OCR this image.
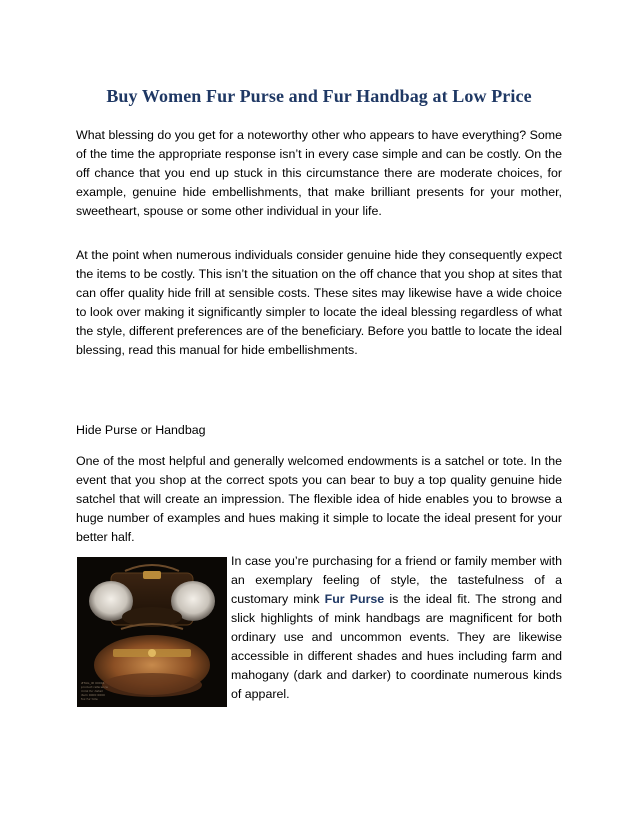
Buy Women Fur Purse and Fur Handbag at Low Price

What blessing do you get for a noteworthy other who appears to have everything? Some of the time the appropriate response isn’t in every case simple and can be costly. On the off chance that you end up stuck in this circumstance there are moderate choices, for example, genuine hide embellishments, that make brilliant presents for your mother, sweetheart, spouse or some other individual in your life.

At the point when numerous individuals consider genuine hide they consequently expect the items to be costly. This isn’t the situation on the off chance that you shop at sites that can offer quality hide frill at sensible costs. These sites may likewise have a wide choice to look over making it significantly simpler to locate the ideal blessing regardless of what the style, different preferences are of the beneficiary. Before you battle to locate the ideal blessing, read this manual for hide embellishments.

Hide Purse or Handbag

One of the most helpful and generally welcomed endowments is a satchel or tote. In the event that you shop at the correct spots you can bear to buy a top quality genuine hide satchel that will create an impression. The flexible idea of hide enables you to browse a huge number of examples and hues making it simple to locate the ideal present for your better half.

#TAG_ID 00001
product reference
mink fur detail
item 0000 0000
fox fur tote

In case you’re purchasing for a friend or family member with an exemplary feeling of style, the tastefulness of a customary mink Fur Purse is the ideal fit. The strong and slick highlights of mink handbags are magnificent for both ordinary use and uncommon events. They are likewise accessible in different shades and hues including farm and mahogany (dark and darker) to coordinate numerous kinds of apparel.
